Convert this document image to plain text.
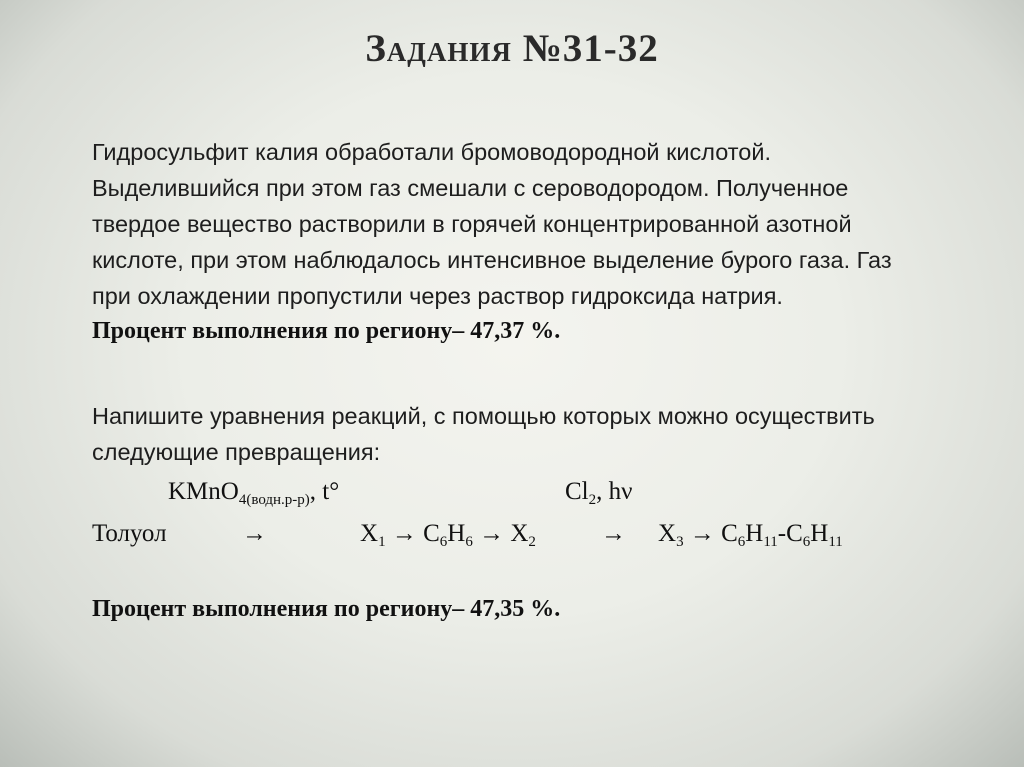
Задания №31-32
Гидросульфит калия обработали бромоводородной кислотой.
Выделившийся при этом газ смешали с сероводородом. Полученное
твердое вещество растворили в горячей концентрированной азотной
кислоте, при этом наблюдалось интенсивное выделение бурого газа. Газ
при охлаждении пропустили через раствор гидроксида натрия.
Процент выполнения по региону– 47,37 %.
Напишите уравнения реакций, с помощью которых можно осуществить
следующие превращения:
KMnO$_{4(водн.р-р)}$, t°	$Cl_2$, hν
Толуол	→	$X_1 \to C_6H_6 \to X_2$	→ $X_3 \to C_6H_{11}-C_6H_{11}$
Процент выполнения по региону– 47,35 %.
